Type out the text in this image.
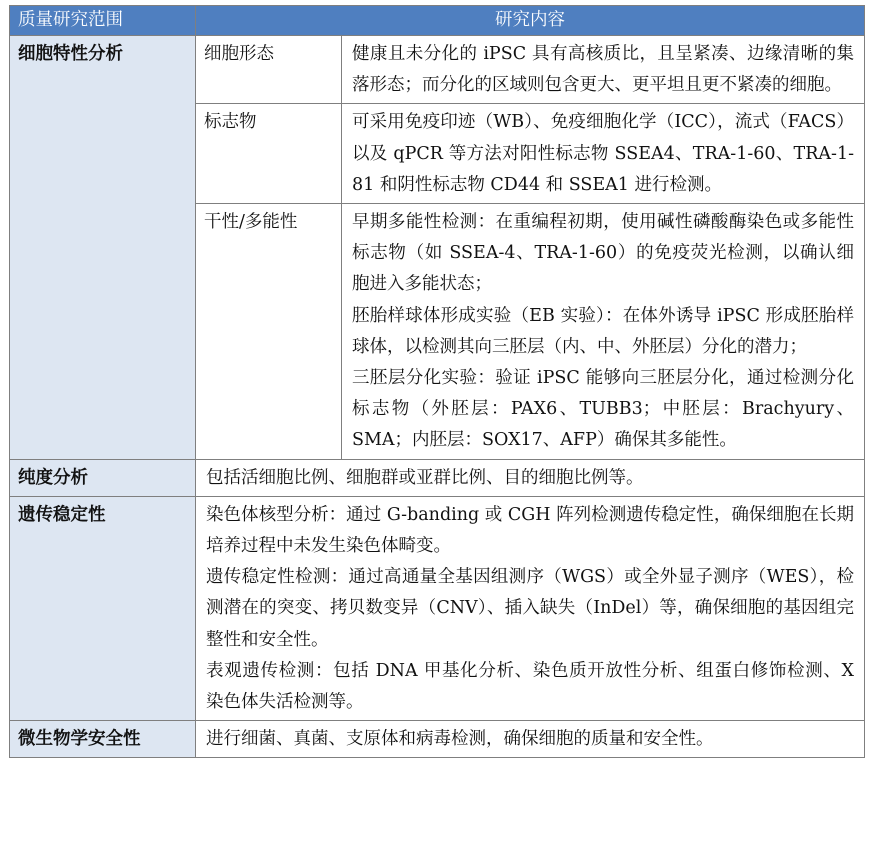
质量研究范围	研究内容	
细胞特性分析	细胞形态	健康且未分化的 iPSC 具有高核质比，且呈紧凑、边缘清晰的集落形态；而分化的区域则包含更大、更平坦且更不紧凑的细胞。
	标志物	可采用免疫印迹（WB）、免疫细胞化学（ICC），流式（FACS）以及 qPCR 等方法对阳性标志物 SSEA4、TRA-1-60、TRA-1-81 和阴性标志物 CD44 和 SSEA1 进行检测。
	干性/多能性	早期多能性检测：在重编程初期，使用碱性磷酸酶染色或多能性标志物（如 SSEA-4、TRA-1-60）的免疫荧光检测，以确认细胞进入多能状态；

胚胎样球体形成实验（EB 实验）：在体外诱导 iPSC 形成胚胎样球体，以检测其向三胚层（内、中、外胚层）分化的潜力；

三胚层分化实验：验证 iPSC 能够向三胚层分化，通过检测分化标志物（外胚层：PAX6、TUBB3；中胚层：Brachyury、SMA；内胚层：SOX17、AFP）确保其多能性。

纯度分析	包括活细胞比例、细胞群或亚群比例、目的细胞比例等。	
遗传稳定性	染色体核型分析：通过 G-banding 或 CGH 阵列检测遗传稳定性，确保细胞在长期培养过程中未发生染色体畸变。

遗传稳定性检测：通过高通量全基因组测序（WGS）或全外显子测序（WES），检测潜在的突变、拷贝数变异（CNV）、插入缺失（InDel）等，确保细胞的基因组完整性和安全性。

表观遗传检测：包括 DNA 甲基化分析、染色质开放性分析、组蛋白修饰检测、X 染色体失活检测等。	

微生物学安全性	进行细菌、真菌、支原体和病毒检测，确保细胞的质量和安全性。	
